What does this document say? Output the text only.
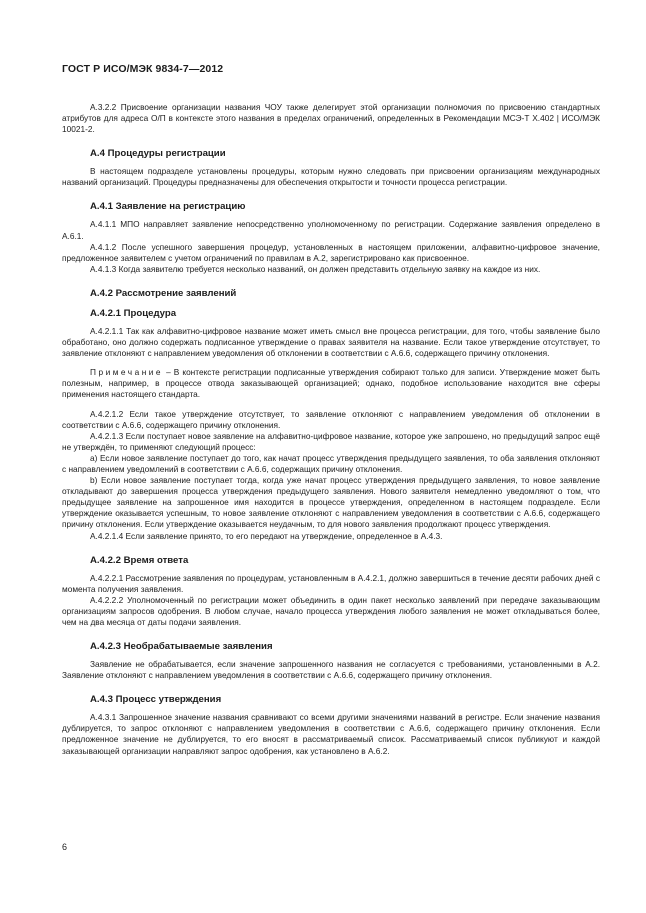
ГОСТ Р ИСО/МЭК 9834-7—2012

А.3.2.2 Присвоение организации названия ЧОУ также делегирует этой организации полномочия по присвоению стандартных атрибутов для адреса О/П в контексте этого названия в пределах ограничений, определенных в Рекомендации МСЭ-Т Х.402 | ИСО/МЭК 10021-2.

А.4 Процедуры регистрации

В настоящем подразделе установлены процедуры, которым нужно следовать при присвоении организациям международных названий организаций. Процедуры предназначены для обеспечения открытости и точности процесса регистрации.

А.4.1 Заявление на регистрацию

А.4.1.1 МПО направляет заявление непосредственно уполномоченному по регистрации. Содержание заявления определено в А.6.1.

А.4.1.2 После успешного завершения процедур, установленных в настоящем приложении, алфавитно-цифровое значение, предложенное заявителем с учетом ограничений по правилам в А.2, зарегистрировано как присвоенное.

А.4.1.3 Когда заявителю требуется несколько названий, он должен представить отдельную заявку на каждое из них.

А.4.2 Рассмотрение заявлений
А.4.2.1 Процедура

А.4.2.1.1 Так как алфавитно-цифровое название может иметь смысл вне процесса регистрации, для того, чтобы заявление было обработано, оно должно содержать подписанное утверждение о правах заявителя на название. Если такое утверждение отсутствует, то заявление отклоняют с направлением уведомления об отклонении в соответствии с А.6.6, содержащего причину отклонения.

Примечание – В контексте регистрации подписанные утверждения собирают только для записи. Утверждение может быть полезным, например, в процессе отвода заказывающей организацией; однако, подобное использование находится вне сферы применения настоящего стандарта.

А.4.2.1.2 Если такое утверждение отсутствует, то заявление отклоняют с направлением уведомления об отклонении в соответствии с А.6.6, содержащего причину отклонения.

А.4.2.1.3 Если поступает новое заявление на алфавитно-цифровое название, которое уже запрошено, но предыдущий запрос ещё не утверждён, то применяют следующий процесс:

а) Если новое заявление поступает до того, как начат процесс утверждения предыдущего заявления, то оба заявления отклоняют с направлением уведомлений в соответствии с А.6.6, содержащих причину отклонения.

b) Если новое заявление поступает тогда, когда уже начат процесс утверждения предыдущего заявления, то новое заявление откладывают до завершения процесса утверждения предыдущего заявления. Нового заявителя немедленно уведомляют о том, что предыдущее заявление на запрошенное имя находится в процессе утверждения, определенном в настоящем подразделе. Если утверждение оказывается успешным, то новое заявление отклоняют с направлением уведомления в соответствии с А.6.6, содержащего причину отклонения. Если утверждение оказывается неудачным, то для нового заявления продолжают процесс утверждения.

А.4.2.1.4 Если заявление принято, то его передают на утверждение, определенное в А.4.3.

А.4.2.2 Время ответа

А.4.2.2.1 Рассмотрение заявления по процедурам, установленным в А.4.2.1, должно завершиться в течение десяти рабочих дней с момента получения заявления.

А.4.2.2.2 Уполномоченный по регистрации может объединить в один пакет несколько заявлений при передаче заказывающим организациям запросов одобрения. В любом случае, начало процесса утверждения любого заявления не может откладываться более, чем на два месяца от даты подачи заявления.

А.4.2.3 Необрабатываемые заявления

Заявление не обрабатывается, если значение запрошенного названия не согласуется с требованиями, установленными в А.2. Заявление отклоняют с направлением уведомления в соответствии с А.6.6, содержащего причину отклонения.

А.4.3 Процесс утверждения

А.4.3.1 Запрошенное значение названия сравнивают со всеми другими значениями названий в регистре. Если значение названия дублируется, то запрос отклоняют с направлением уведомления в соответствии с А.6.6, содержащего причину отклонения. Если предложенное значение не дублируется, то его вносят в рассматриваемый список. Рассматриваемый список публикуют и каждой заказывающей организации направляют запрос одобрения, как установлено в А.6.2.

6
